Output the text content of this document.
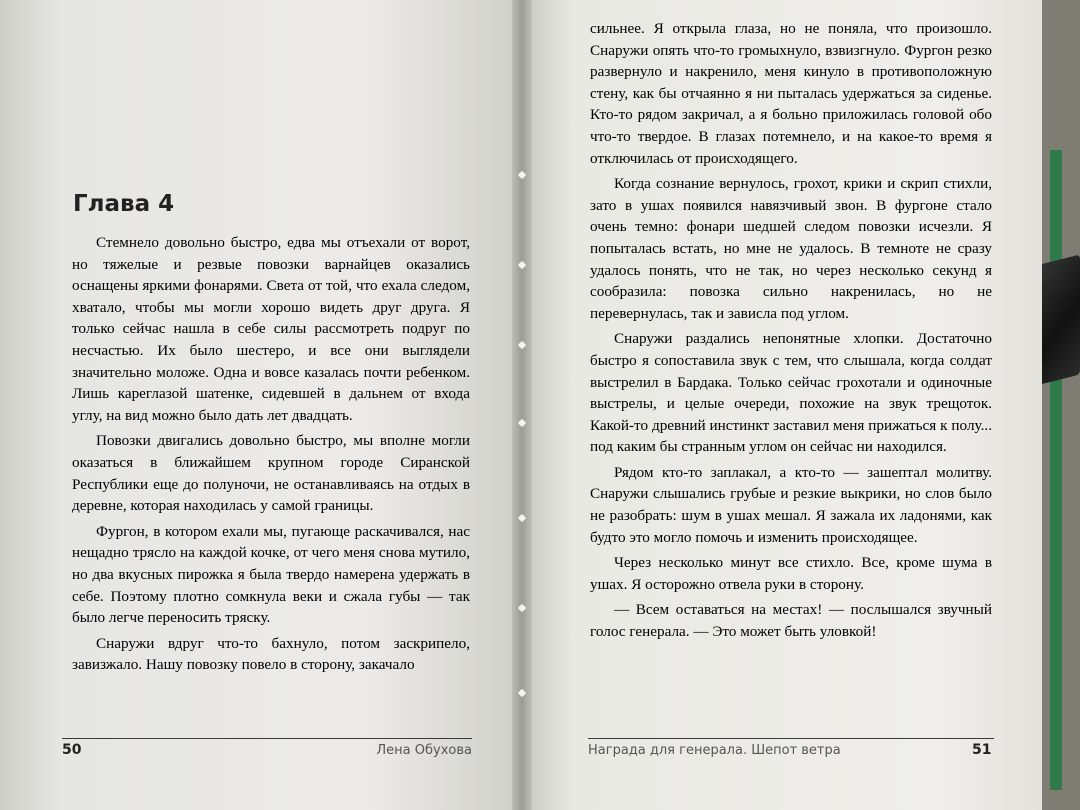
Глава 4

Стемнело довольно быстро, едва мы отъехали от ворот, но тяжелые и резвые повозки варнайцев оказались оснащены яркими фонарями. Света от той, что ехала следом, хватало, чтобы мы могли хорошо видеть друг друга. Я только сейчас нашла в себе силы рассмотреть подруг по несчастью. Их было шестеро, и все они выглядели значительно моложе. Одна и вовсе казалась почти ребенком. Лишь кареглазой шатенке, сидевшей в дальнем от входа углу, на вид можно было дать лет двадцать.

Повозки двигались довольно быстро, мы вполне могли оказаться в ближайшем крупном городе Сиранской Республики еще до полуночи, не останавливаясь на отдых в деревне, которая находилась у самой границы.

Фургон, в котором ехали мы, пугающе раскачивался, нас нещадно трясло на каждой кочке, от чего меня снова мутило, но два вкусных пирожка я была твердо намерена удержать в себе. Поэтому плотно сомкнула веки и сжала губы — так было легче переносить тряску.

Снаружи вдруг что-то бахнуло, потом заскрипело, завизжало. Нашу повозку повело в сторону, закачало

сильнее. Я открыла глаза, но не поняла, что произошло. Снаружи опять что-то громыхнуло, взвизгнуло. Фургон резко развернуло и накренило, меня кинуло в противоположную стену, как бы отчаянно я ни пыталась удержаться за сиденье. Кто-то рядом закричал, а я больно приложилась головой обо что-то твердое. В глазах потемнело, и на какое-то время я отключилась от происходящего.

Когда сознание вернулось, грохот, крики и скрип стихли, зато в ушах появился навязчивый звон. В фургоне стало очень темно: фонари шедшей следом повозки исчезли. Я попыталась встать, но мне не удалось. В темноте не сразу удалось понять, что не так, но через несколько секунд я сообразила: повозка сильно накренилась, но не перевернулась, так и зависла под углом.

Снаружи раздались непонятные хлопки. Достаточно быстро я сопоставила звук с тем, что слышала, когда солдат выстрелил в Бардака. Только сейчас грохотали и одиночные выстрелы, и целые очереди, похожие на звук трещоток. Какой-то древний инстинкт заставил меня прижаться к полу... под каким бы странным углом он сейчас ни находился.

Рядом кто-то заплакал, а кто-то — зашептал молитву. Снаружи слышались грубые и резкие выкрики, но слов было не разобрать: шум в ушах мешал. Я зажала их ладонями, как будто это могло помочь и изменить происходящее.

Через несколько минут все стихло. Все, кроме шума в ушах. Я осторожно отвела руки в сторону.

— Всем оставаться на местах! — послышался звучный голос генерала. — Это может быть уловкой!

50	Лена Обухова	Награда для генерала. Шепот ветра	51
